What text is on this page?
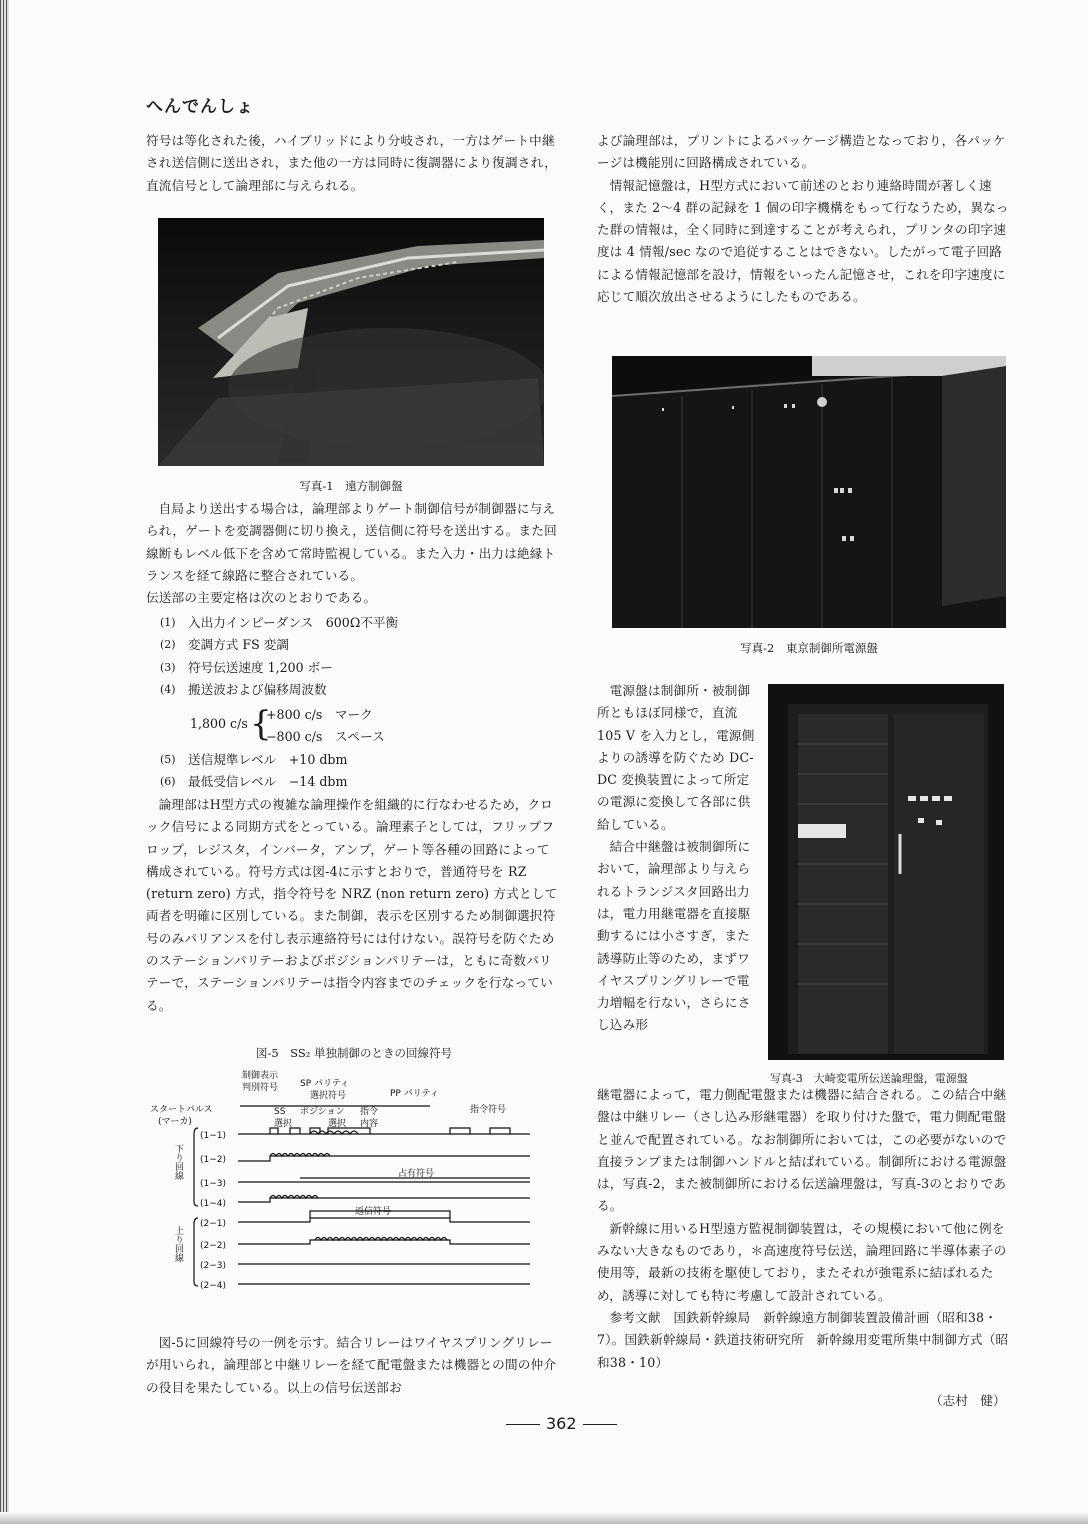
へんでんしょ

符号は等化された後，ハイブリッドにより分岐され，一方はゲート中継され送信側に送出され，また他の一方は同時に復調器により復調され，直流信号として論理部に与えられる。

写真-1　遠方制御盤

自局より送出する場合は，論理部よりゲート制御信号が制御器に与えられ，ゲートを変調器側に切り換え，送信側に符号を送出する。また回線断もレベル低下を含めて常時監視している。また入力・出力は絶縁トランスを経て線路に整合されている。

伝送部の主要定格は次のとおりである。

(1) 入出力インピーダンス　600Ω不平衡
(2) 変調方式 FS 変調
(3) 符号伝送速度 1,200 ボー
(4) 搬送波および偏移周波数
(5) 送信規準レベル　+10 dbm
(6) 最低受信レベル　−14 dbm
1,800 c/s {
+800 c/s　マーク
−800 c/s　スペース

論理部はH型方式の複雑な論理操作を組織的に行なわせるため，クロック信号による同期方式をとっている。論理素子としては，フリップフロップ，レジスタ，インバータ，アンプ，ゲート等各種の回路によって構成されている。符号方式は図-4に示すとおりで，普通符号を RZ (return zero) 方式，指令符号を NRZ (non return zero) 方式として両者を明確に区別している。また制御，表示を区別するため制御選択符号のみパリアンスを付し表示連絡符号には付けない。誤符号を防ぐためのステーションパリテーおよびポジションパリテーは，ともに奇数パリテーで，ステーションパリテーは指令内容までのチェックを行なっている。

図-5　SS₂ 単独制御のときの回線符号
制御表示
判別符号 SP パリティ
選択符号	PP パリティ
指令符号
ポジション
選択
指令
内容
SS
選択
スタートパルス
(マーカ)
下り回線
上り回線
(1−1)
(1−2)
(1−3)
(1−4)
(2−1)
(2−2)
(2−3)
(2−4)
占有符号
返信符号

図-5に回線符号の一例を示す。結合リレーはワイヤスプリングリレーが用いられ，論理部と中継リレーを経て配電盤または機器との間の仲介の役目を果たしている。以上の信号伝送部お

よび論理部は，プリントによるパッケージ構造となっており，各パッケージは機能別に回路構成されている。

情報記憶盤は，H型方式において前述のとおり連絡時間が著しく速く，また 2〜4 群の記録を 1 個の印字機構をもって行なうため，異なった群の情報は，全く同時に到達することが考えられ，プリンタの印字速度は 4 情報/sec なので追従することはできない。したがって電子回路による情報記憶部を設け，情報をいったん記憶させ，これを印字速度に応じて順次放出させるようにしたものである。

写真-2　東京制御所電源盤

電源盤は制御所・被制御所ともほぼ同様で，直流 105 V を入力とし，電源側よりの誘導を防ぐため DC-DC 変換装置によって所定の電源に変換して各部に供給している。

結合中継盤は被制御所において，論理部より与えられるトランジスタ回路出力は，電力用継電器を直接駆動するには小さすぎ，また誘導防止等のため，まずワイヤスプリングリレーで電力増幅を行ない，さらにさし込み形

写真-3　大崎変電所伝送論理盤，電源盤

継電器によって，電力側配電盤または機器に結合される。この結合中継盤は中継リレー（さし込み形継電器）を取り付けた盤で，電力側配電盤と並んで配置されている。なお制御所においては，この必要がないので直接ランプまたは制御ハンドルと結ばれている。制御所における電源盤は，写真-2，また被制御所における伝送論理盤は，写真-3のとおりである。

新幹線に用いるH型遠方監視制御装置は，その規模において他に例をみない大きなものであり，＊高速度符号伝送，論理回路に半導体素子の使用等，最新の技術を駆使しており，またそれが強電系に結ばれるため，誘導に対しても特に考慮して設計されている。

参考文献　国鉄新幹線局　新幹線遠方制御装置設備計画（昭和38・7）。国鉄新幹線局・鉄道技術研究所　新幹線用変電所集中制御方式（昭和38・10）

（志村　健）
362
